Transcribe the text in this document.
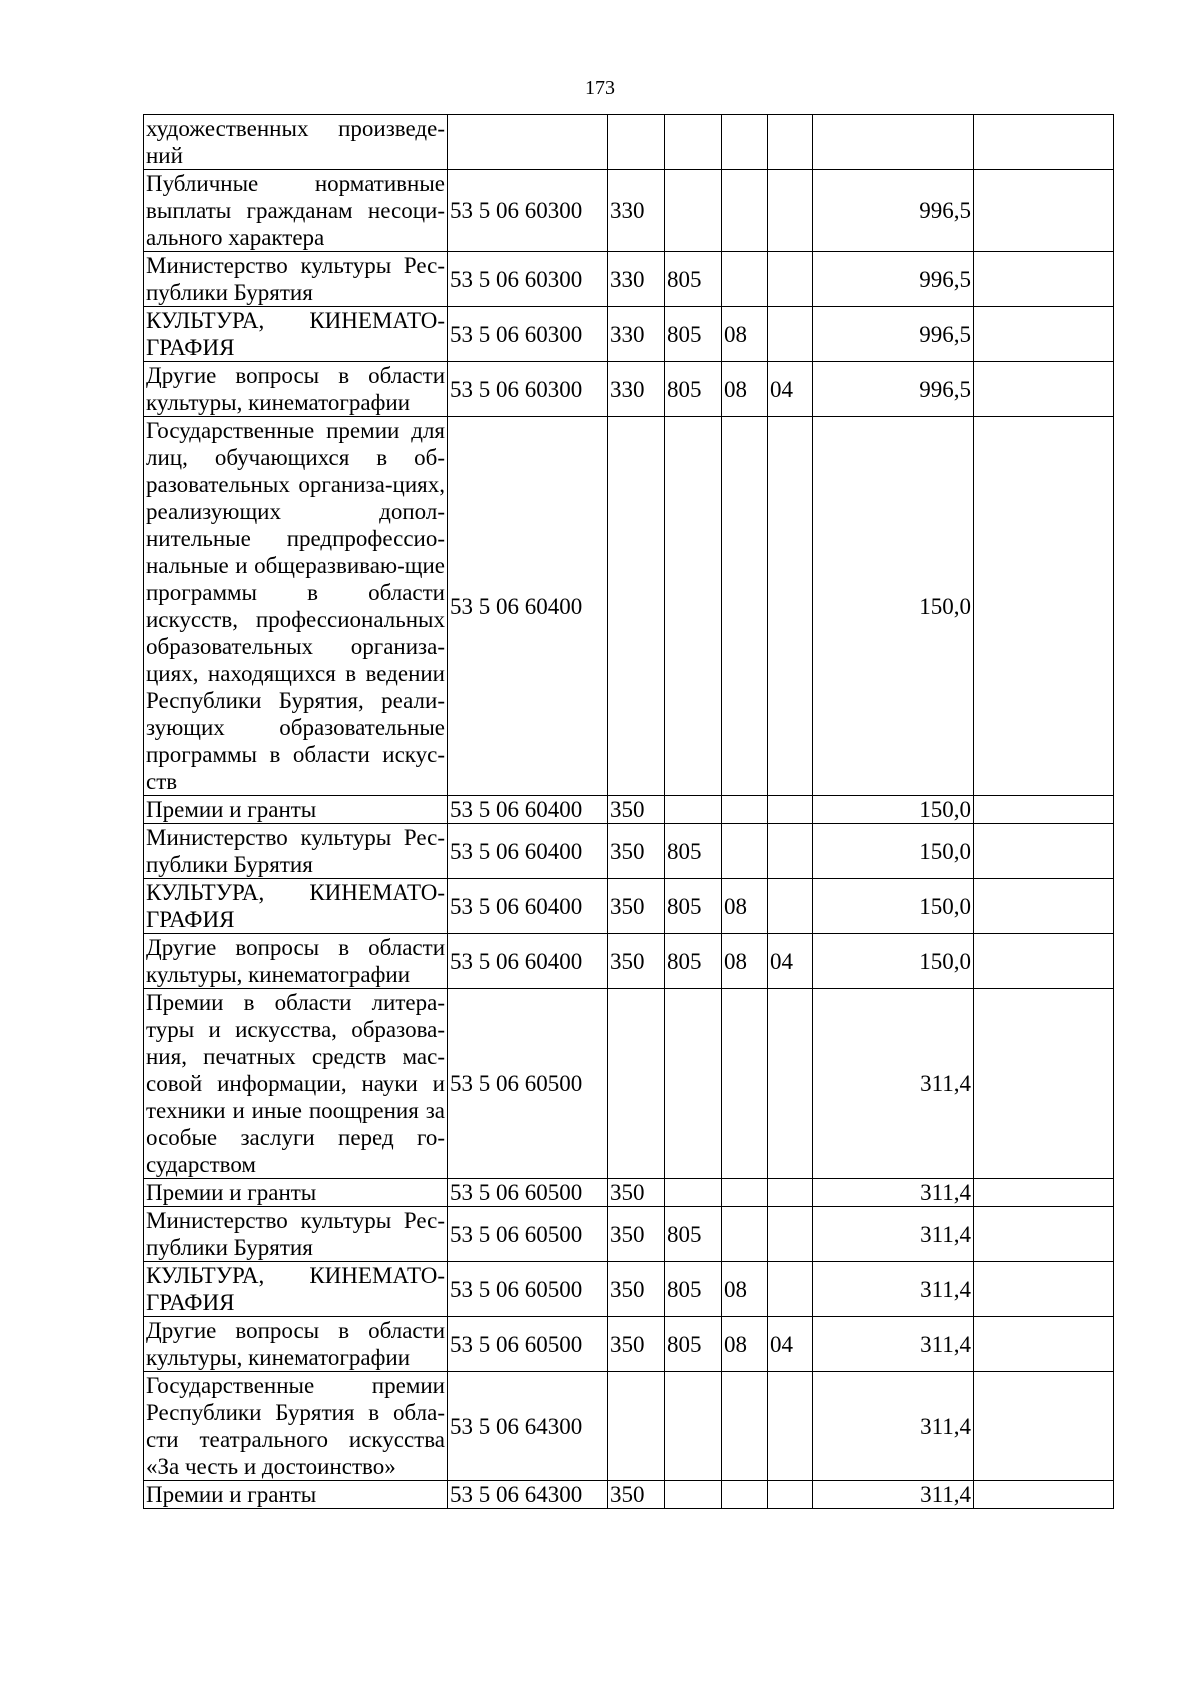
173
художественных произведе-ний							
Публичные нормативные выплаты гражданам несоци-ального характера	53 5 06 60300	330				996,5	
Министерство культуры Рес-публики Бурятия	53 5 06 60300	330	805			996,5	
КУЛЬТУРА, КИНЕМАТО-ГРАФИЯ	53 5 06 60300	330	805	08		996,5	
Другие вопросы в области культуры, кинематографии	53 5 06 60300	330	805	08	04	996,5	
Государственные премии для лиц, обучающихся в об-разовательных организа-циях, реализующих допол-нительные предпрофессио-нальные и общеразвиваю-щие программы в области искусств, профессиональных образовательных организа-циях, находящихся в ведении Республики Бурятия, реали-зующих образовательные программы в области искус-ств	53 5 06 60400					150,0	
Премии и гранты	53 5 06 60400	350				150,0	
Министерство культуры Рес-публики Бурятия	53 5 06 60400	350	805			150,0	
КУЛЬТУРА, КИНЕМАТО-ГРАФИЯ	53 5 06 60400	350	805	08		150,0	
Другие вопросы в области культуры, кинематографии	53 5 06 60400	350	805	08	04	150,0	
Премии в области литера-туры и искусства, образова-ния, печатных средств мас-совой информации, науки и техники и иные поощрения за особые заслуги перед го-сударством	53 5 06 60500					311,4	
Премии и гранты	53 5 06 60500	350				311,4	
Министерство культуры Рес-публики Бурятия	53 5 06 60500	350	805			311,4	
КУЛЬТУРА, КИНЕМАТО-ГРАФИЯ	53 5 06 60500	350	805	08		311,4	
Другие вопросы в области культуры, кинематографии	53 5 06 60500	350	805	08	04	311,4	
Государственные премии Республики Бурятия в обла-сти театрального искусства «За честь и достоинство»	53 5 06 64300					311,4	
Премии и гранты	53 5 06 64300	350				311,4	
